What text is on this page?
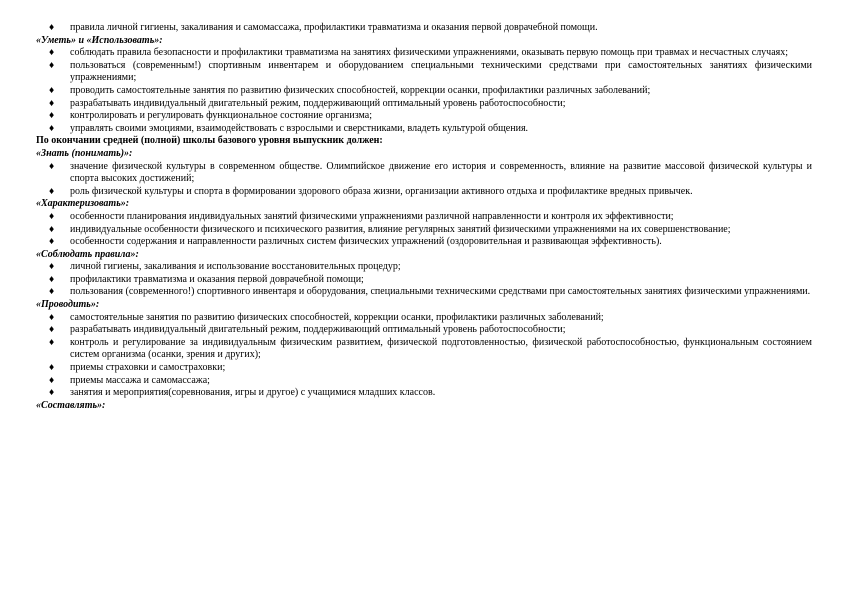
♦ правила личной гигиены, закаливания и самомассажа, профилактики травматизма и оказания первой доврачебной помощи.

«Уметь» и «Использовать»:

♦ соблюдать правила безопасности и профилактики травматизма на занятиях физическими упражнениями, оказывать первую помощь при травмах и несчастных случаях;
♦ пользоваться (современным!) спортивным инвентарем и оборудованием специальными техническими средствами при самостоятельных занятиях физическими упражнениями;
♦ проводить самостоятельные занятия по развитию физических способностей, коррекции осанки, профилактики различных заболеваний;
♦ разрабатывать индивидуальный двигательный режим, поддерживающий оптимальный уровень работоспособности;
♦ контролировать и регулировать функциональное состояние организма;
♦ управлять своими эмоциями, взаимодействовать с взрослыми и сверстниками, владеть культурой общения.

По окончании средней (полной) школы базового уровня выпускник должен:

«Знать (понимать)»:

♦ значение физической культуры в современном обществе. Олимпийское движение его история и современность, влияние на развитие массовой физической культуры и спорта высоких достижений;
♦ роль физической культуры и спорта в формировании здорового образа жизни, организации активного отдыха и профилактике вредных привычек.

«Характеризовать»:

♦ особенности планирования индивидуальных занятий физическими упражнениями различной направленности и контроля их эффективности;
♦ индивидуальные особенности физического и психического развития, влияние регулярных занятий физическими упражнениями на их совершенствование;
♦ особенности содержания и направленности различных систем физических упражнений (оздоровительная и развивающая эффективность).

«Соблюдать правила»:

♦ личной гигиены, закаливания и использование восстановительных процедур;
♦ профилактики травматизма и оказания первой доврачебной помощи;
♦ пользования (современного!) спортивного инвентаря и оборудования, специальными техническими средствами при самостоятельных занятиях физическими упражнениями.

«Проводить»:

♦ самостоятельные занятия по развитию физических способностей, коррекции осанки, профилактики различных заболеваний;
♦ разрабатывать индивидуальный двигательный режим, поддерживающий оптимальный уровень работоспособности;
♦ контроль и регулирование за индивидуальным физическим развитием, физической подготовленностью, физической работоспособностью, функциональным состоянием систем организма (осанки, зрения и других);
♦ приемы страховки и самостраховки;
♦ приемы массажа и самомассажа;
♦ занятия и мероприятия(соревнования, игры и другое) с учащимися младших классов.

«Составлять»:
